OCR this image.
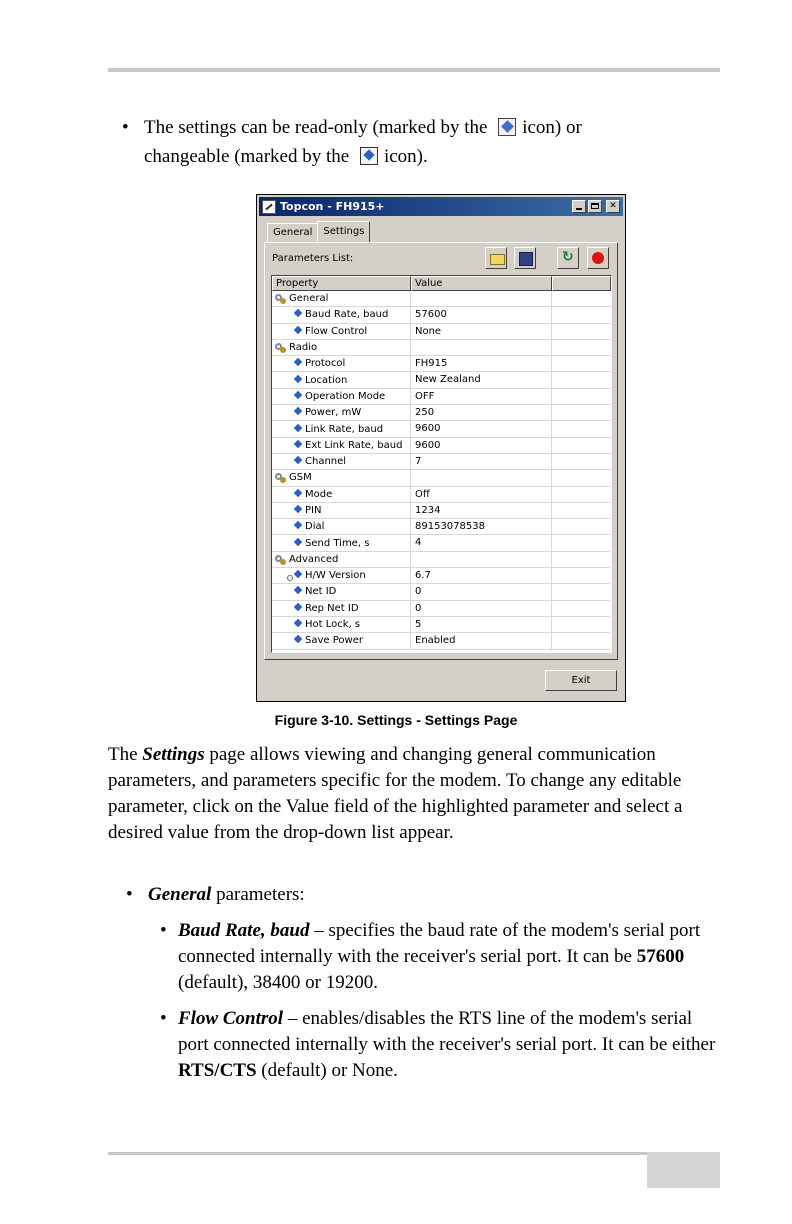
• The settings can be read-only (marked by the icon) or
changeable (marked by the icon).
Topcon - FH915+	✕
General	Settings
Parameters List:
↻
Property	Value
General
Baud Rate, baud	57600
Flow Control	None
Radio
Protocol	FH915
Location	New Zealand
Operation Mode	OFF
Power, mW	250
Link Rate, baud	9600
Ext Link Rate, baud	9600
Channel	7
GSM
Mode	Off
PIN	1234
Dial	89153078538
Send Time, s	4
Advanced
H/W Version	6.7
Net ID	0
Rep Net ID	0
Hot Lock, s	5
Save Power	Enabled
Exit
Figure 3-10. Settings - Settings Page
The Settings page allows viewing and changing general communication parameters, and parameters specific for the modem. To change any editable parameter, click on the Value field of the highlighted parameter and select a desired value from the drop-down list appear.
• General parameters:
• Baud Rate, baud – specifies the baud rate of the modem's serial port connected internally with the receiver's serial port. It can be 57600 (default), 38400 or 19200.
• Flow Control – enables/disables the RTS line of the modem's serial port connected internally with the receiver's serial port. It can be either RTS/CTS (default) or None.
